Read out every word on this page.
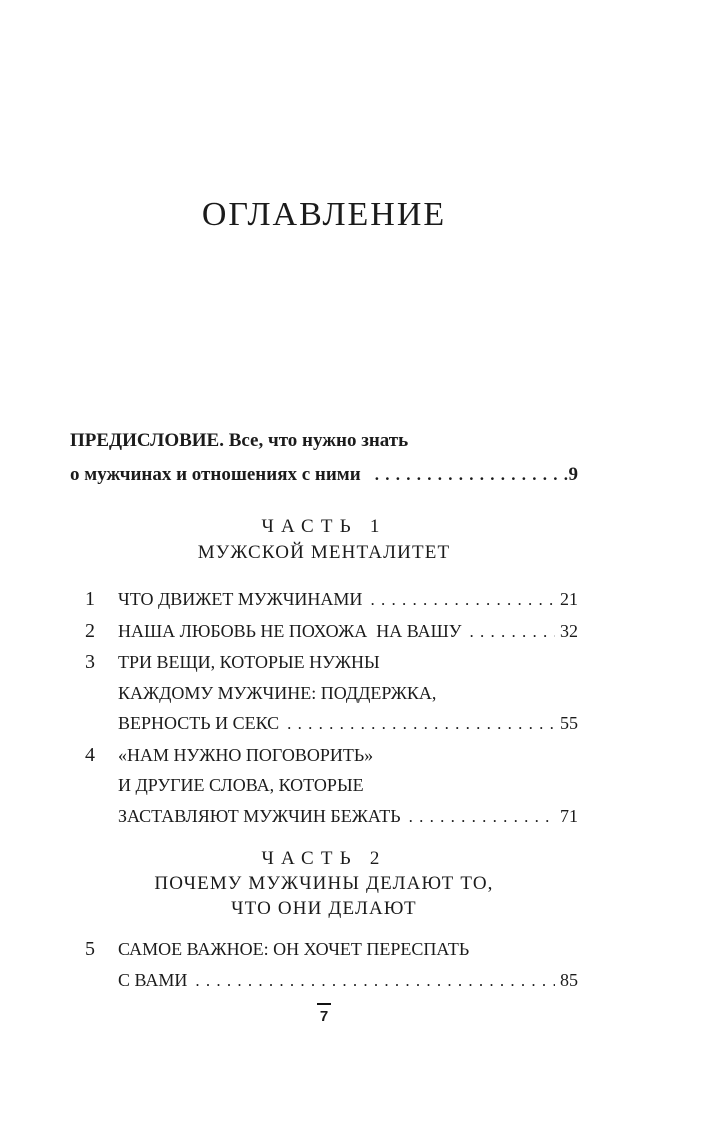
ОГЛАВЛЕНИЕ
ПРЕДИСЛОВИЕ. Все, что нужно знать
о мужчинах и отношениях с ними . . .	9
ЧАСТЬ 1
МУЖСКОЙ МЕНТАЛИТЕТ
1	ЧТО ДВИЖЕТ МУЖЧИНАМИ . . .	21
2	НАША ЛЮБОВЬ НЕ ПОХОЖА  НА ВАШУ . . .	32
3	ТРИ ВЕЩИ, КОТОРЫЕ НУЖНЫ
КАЖДОМУ МУЖЧИНЕ: ПОДДЕРЖКА,
ВЕРНОСТЬ И СЕКС . . .	55
4	«НАМ НУЖНО ПОГОВОРИТЬ»
И ДРУГИЕ СЛОВА, КОТОРЫЕ
ЗАСТАВЛЯЮТ МУЖЧИН БЕЖАТЬ . . .	71
ЧАСТЬ 2
ПОЧЕМУ МУЖЧИНЫ ДЕЛАЮТ ТО,
ЧТО ОНИ ДЕЛАЮТ
5	САМОЕ ВАЖНОЕ: ОН ХОЧЕТ ПЕРЕСПАТЬ
С ВАМИ . . .	85
7
